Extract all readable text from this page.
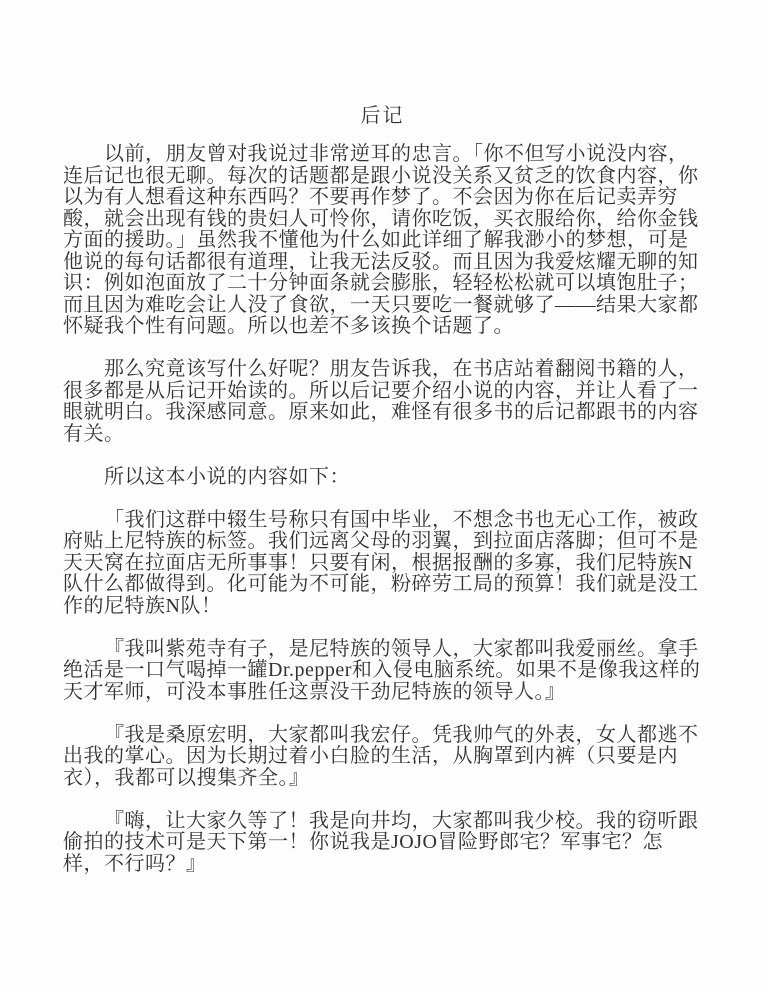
后记
以前，朋友曾对我说过非常逆耳的忠言。「你不但写小说没内容，
连后记也很无聊。每次的话题都是跟小说没关系又贫乏的饮食内容，你
以为有人想看这种东西吗？不要再作梦了。不会因为你在后记卖弄穷
酸，就会出现有钱的贵妇人可怜你，请你吃饭，买衣服给你，给你金钱
方面的援助。」虽然我不懂他为什么如此详细了解我渺小的梦想，可是
他说的每句话都很有道理，让我无法反驳。而且因为我爱炫耀无聊的知
识：例如泡面放了二十分钟面条就会膨胀，轻轻松松就可以填饱肚子；
而且因为难吃会让人没了食欲，一天只要吃一餐就够了——结果大家都
怀疑我个性有问题。所以也差不多该换个话题了。
那么究竟该写什么好呢？朋友告诉我，在书店站着翻阅书籍的人，
很多都是从后记开始读的。所以后记要介绍小说的内容，并让人看了一
眼就明白。我深感同意。原来如此，难怪有很多书的后记都跟书的内容
有关。
所以这本小说的内容如下：
「我们这群中辍生号称只有国中毕业，不想念书也无心工作，被政
府贴上尼特族的标签。我们远离父母的羽翼，到拉面店落脚；但可不是
天天窝在拉面店无所事事！只要有闲，根据报酬的多寡，我们尼特族N
队什么都做得到。化可能为不可能，粉碎劳工局的预算！我们就是没工
作的尼特族N队！
『我叫紫苑寺有子，是尼特族的领导人，大家都叫我爱丽丝。拿手
绝活是一口气喝掉一罐Dr.pepper和入侵电脑系统。如果不是像我这样的
天才军师，可没本事胜任这票没干劲尼特族的领导人。』
『我是桑原宏明，大家都叫我宏仔。凭我帅气的外表，女人都逃不
出我的掌心。因为长期过着小白脸的生活，从胸罩到内裤（只要是内
衣），我都可以搜集齐全。』
『嗨，让大家久等了！我是向井均，大家都叫我少校。我的窃听跟
偷拍的技术可是天下第一！你说我是JOJO冒险野郎宅？军事宅？怎
样，不行吗？』
